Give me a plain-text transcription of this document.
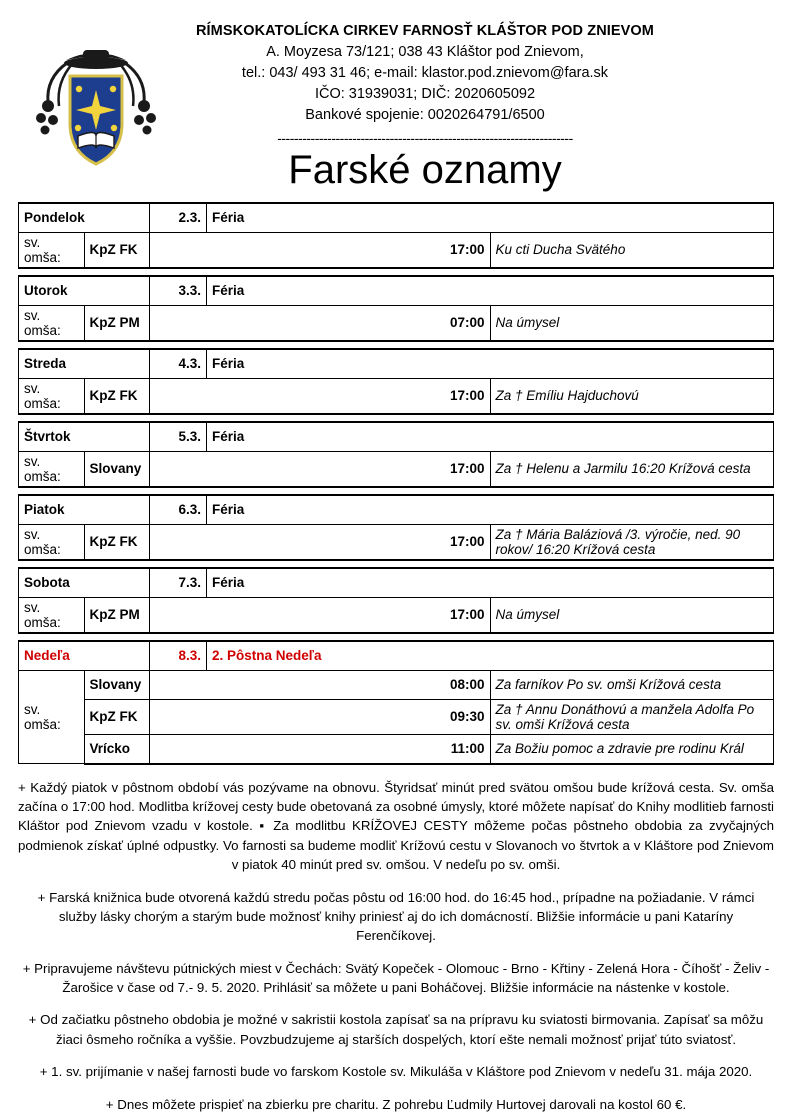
RÍMSKOKATOLÍCKA CIRKEV FARNOSŤ KLÁŠTOR POD ZNIEVOM
A. Moyzesa 73/121; 038 43 Kláštor pod Znievom,
tel.: 043/ 493 31 46; e-mail: klastor.pod.znievom@fara.sk
IČO: 31939031; DIČ: 2020605092
Bankové spojenie: 0020264791/6500
-----------------------------------------------------------------------
Farské oznamy
Pondelok		2.3.	Féria	
sv. omša:	KpZ FK	17:00		Ku cti Ducha Svätého

Utorok		3.3.	Féria	
sv. omša:	KpZ PM	07:00		Na úmysel

Streda		4.3.	Féria	
sv. omša:	KpZ FK	17:00		Za † Emíliu Hajduchovú

Štvrtok		5.3.	Féria	
sv. omša:	Slovany	17:00		Za † Helenu a Jarmilu 16:20 Krížová cesta

Piatok		6.3.	Féria	
sv. omša:	KpZ FK	17:00		Za † Mária Baláziová /3. výročie, ned. 90 rokov/ 16:20 Krížová cesta

Sobota		7.3.	Féria	
sv. omša:	KpZ PM	17:00		Na úmysel

Nedeľa		8.3.	2. Pôstna Nedeľa	
sv. omša:	Slovany	08:00		Za farníkov Po sv. omši Krížová cesta
	KpZ FK	09:30		Za † Annu Donáthovú a manžela Adolfa Po sv. omši Krížová cesta
	Vrícko	11:00		Za Božiu pomoc a zdravie pre rodinu Král

+ Každý piatok v pôstnom období vás pozývame na obnovu. Štyridsať minút pred svätou omšou bude krížová cesta. Sv. omša začína o 17:00 hod. Modlitba krížovej cesty bude obetovaná za osobné úmysly, ktoré môžete napísať do Knihy modlitieb farnosti Kláštor pod Znievom vzadu v kostole. ▪ Za modlitbu KRÍŽOVEJ CESTY môžeme počas pôstneho obdobia za zvyčajných podmienok získať úplné odpustky. Vo farnosti sa budeme modliť Krížovú cestu v Slovanoch vo štvrtok a v Kláštore pod Znievom v piatok 40 minút pred sv. omšou. V nedeľu po sv. omši.

+ Farská knižnica bude otvorená každú stredu počas pôstu od 16:00 hod. do 16:45 hod., prípadne na požiadanie. V rámci služby lásky chorým a starým bude možnosť knihy priniesť aj do ich domácností. Bližšie informácie u pani Kataríny Ferenčíkovej.

+ Pripravujeme návštevu pútnických miest v Čechách: Svätý Kopeček - Olomouc - Brno - Křtiny - Zelená Hora - Číhošť - Želiv - Žarošice v čase od 7.- 9. 5. 2020. Prihlásiť sa môžete u pani Boháčovej. Bližšie informácie na nástenke v kostole.

+ Od začiatku pôstneho obdobia je možné v sakristii kostola zapísať sa na prípravu ku sviatosti birmovania. Zapísať sa môžu žiaci ôsmeho ročníka a vyššie. Povzbudzujeme aj starších dospelých, ktorí ešte nemali možnosť prijať túto sviatosť.

+ 1. sv. prijímanie v našej farnosti bude vo farskom Kostole sv. Mikuláša v Kláštore pod Znievom v nedeľu 31. mája 2020.

+ Dnes môžete prispieť na zbierku pre charitu. Z pohrebu Ľudmily Hurtovej darovali na kostol 60 €.
